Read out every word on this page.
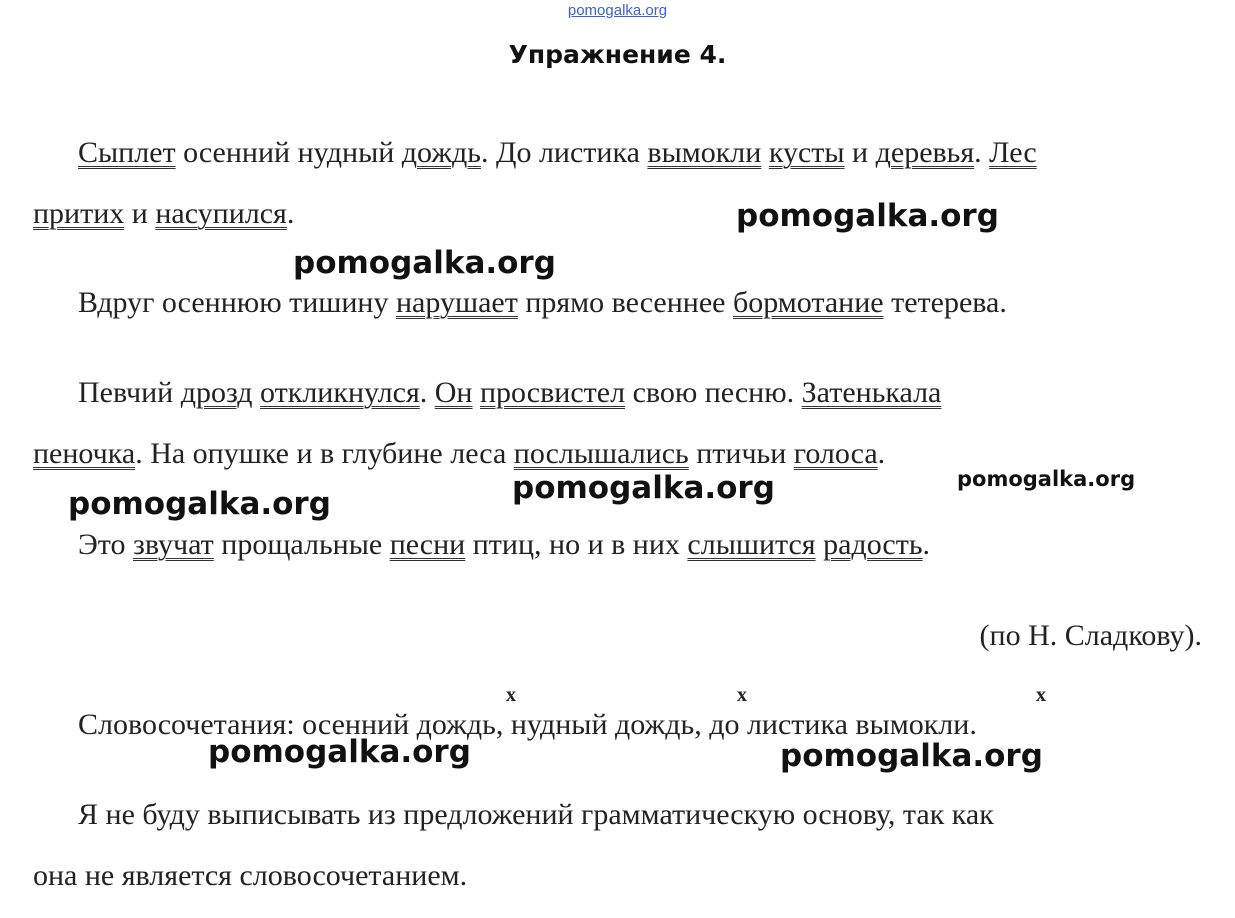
pomogalka.org
Упражнение 4.
Сыплет осенний нудный дождь. До листика вымокли кусты и деревья. Лес
притих и насупился.
Вдруг осеннюю тишину нарушает прямо весеннее бормотание тетерева.
Певчий дрозд откликнулся. Он просвистел свою песню. Затенькала
пеночка. На опушке и в глубине леса послышались птичьи голоса.
Это звучат прощальные песни птиц, но и в них слышится радость.
(по Н. Сладкову).
x	x	x
Словосочетания: осенний дождь, нудный дождь, до листика вымокли.
Я не буду выписывать из предложений грамматическую основу, так как
она не является словосочетанием.
pomogalka.org
pomogalka.org
pomogalka.org	pomogalka.org
pomogalka.org
pomogalka.org	pomogalka.org
